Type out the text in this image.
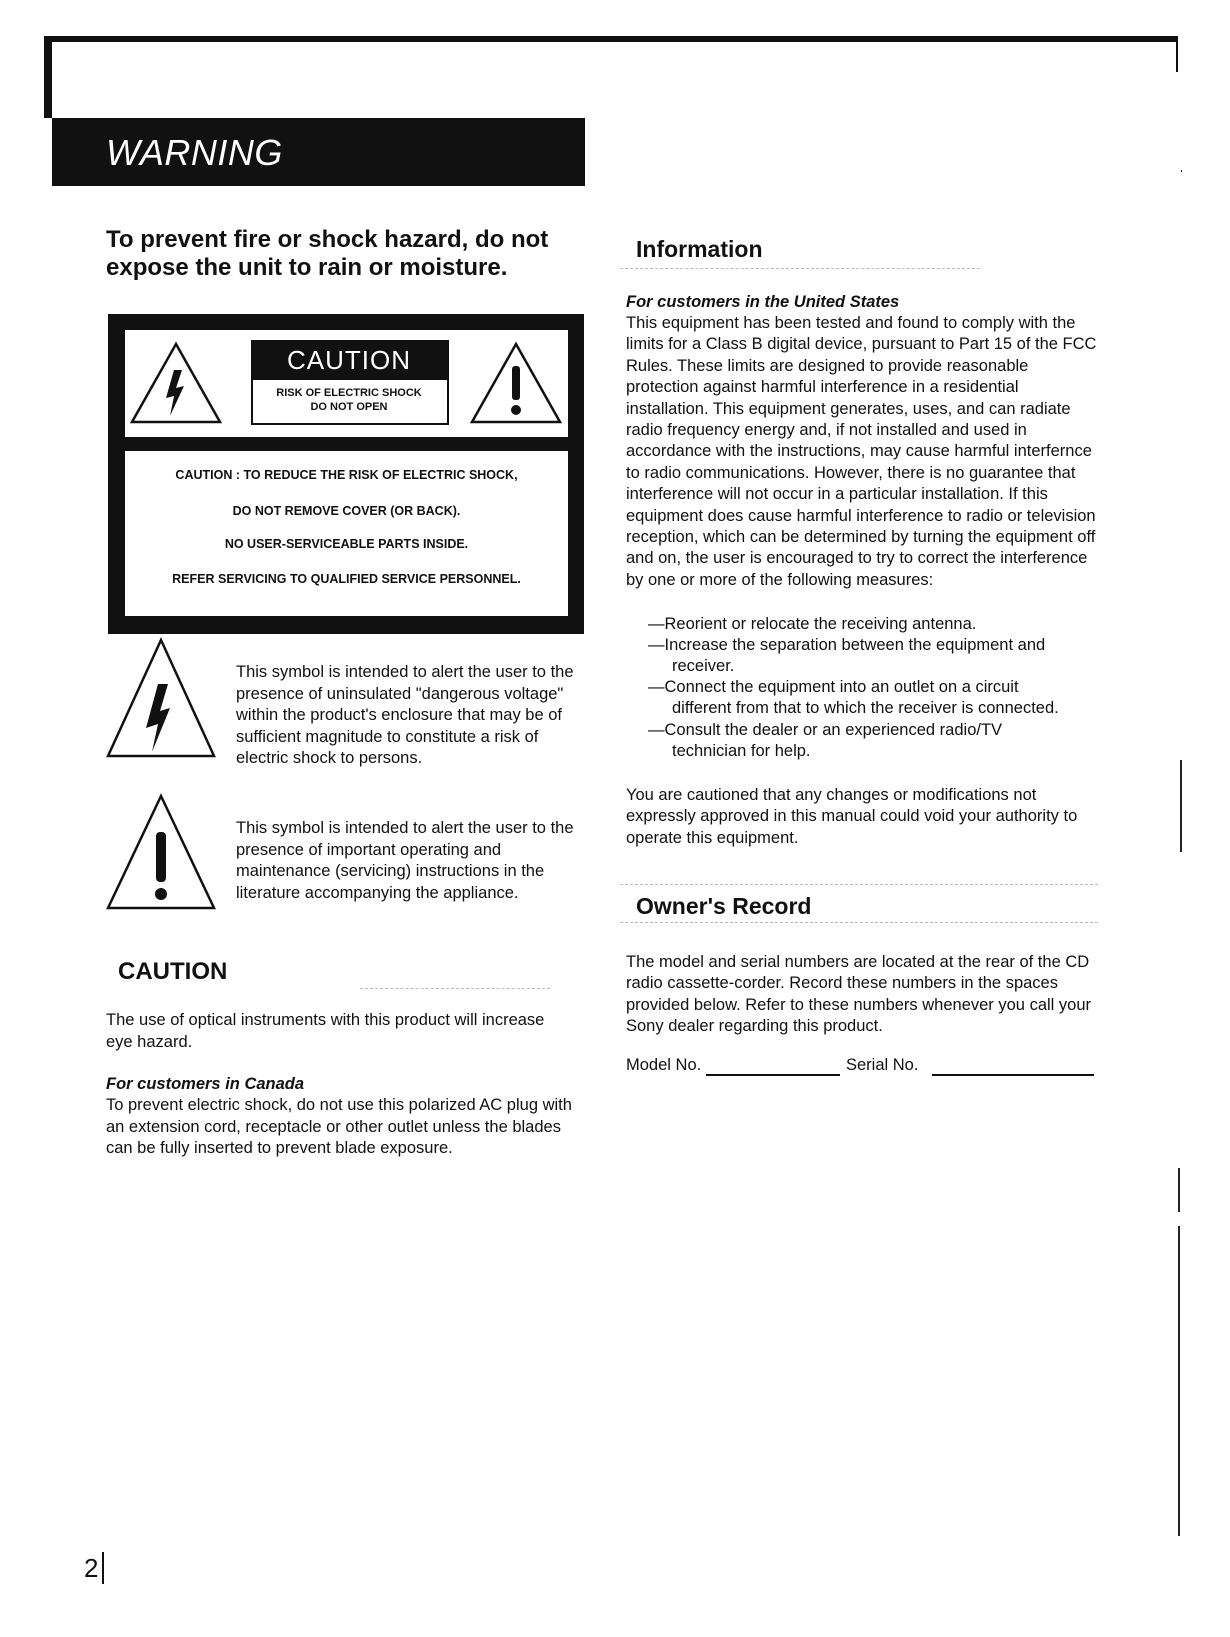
WARNING
To prevent fire or shock hazard, do not
expose the unit to rain or moisture.
CAUTION
RISK OF ELECTRIC SHOCK
DO NOT OPEN
CAUTION : TO REDUCE THE RISK OF ELECTRIC SHOCK,
DO NOT REMOVE COVER (OR BACK).
NO USER-SERVICEABLE PARTS INSIDE.
REFER SERVICING TO QUALIFIED SERVICE PERSONNEL.
This symbol is intended to alert the user to the presence of uninsulated "dangerous voltage" within the product's enclosure that may be of sufficient magnitude to constitute a risk of electric shock to persons.
This symbol is intended to alert the user to the presence of important operating and maintenance (servicing) instructions in the literature accompanying the appliance.
CAUTION
The use of optical instruments with this product will increase eye hazard.
For customers in Canada
To prevent electric shock, do not use this polarized AC plug with an extension cord, receptacle or other outlet unless the blades can be fully inserted to prevent blade exposure.
Information
For customers in the United States
This equipment has been tested and found to comply with the limits for a Class B digital device, pursuant to Part 15 of the FCC Rules. These limits are designed to provide reasonable protection against harmful interference in a residential installation. This equipment generates, uses, and can radiate radio frequency energy and, if not installed and used in accordance with the instructions, may cause harmful interfernce to radio communications. However, there is no guarantee that interference will not occur in a particular installation. If this equipment does cause harmful interference to radio or television reception, which can be determined by turning the equipment off and on, the user is encouraged to try to correct the interference by one or more of the following measures:
—Reorient or relocate the receiving antenna.
—Increase the separation between the equipment and
receiver.
—Connect the equipment into an outlet on a circuit
different from that to which the receiver is connected.
—Consult the dealer or an experienced radio/TV
technician for help.
You are cautioned that any changes or modifications not expressly approved in this manual could void your authority to operate this equipment.
Owner's Record
The model and serial numbers are located at the rear of the CD radio cassette-corder. Record these numbers in the spaces provided below. Refer to these numbers whenever you call your Sony dealer regarding this product.
Model No.	Serial No.
2
